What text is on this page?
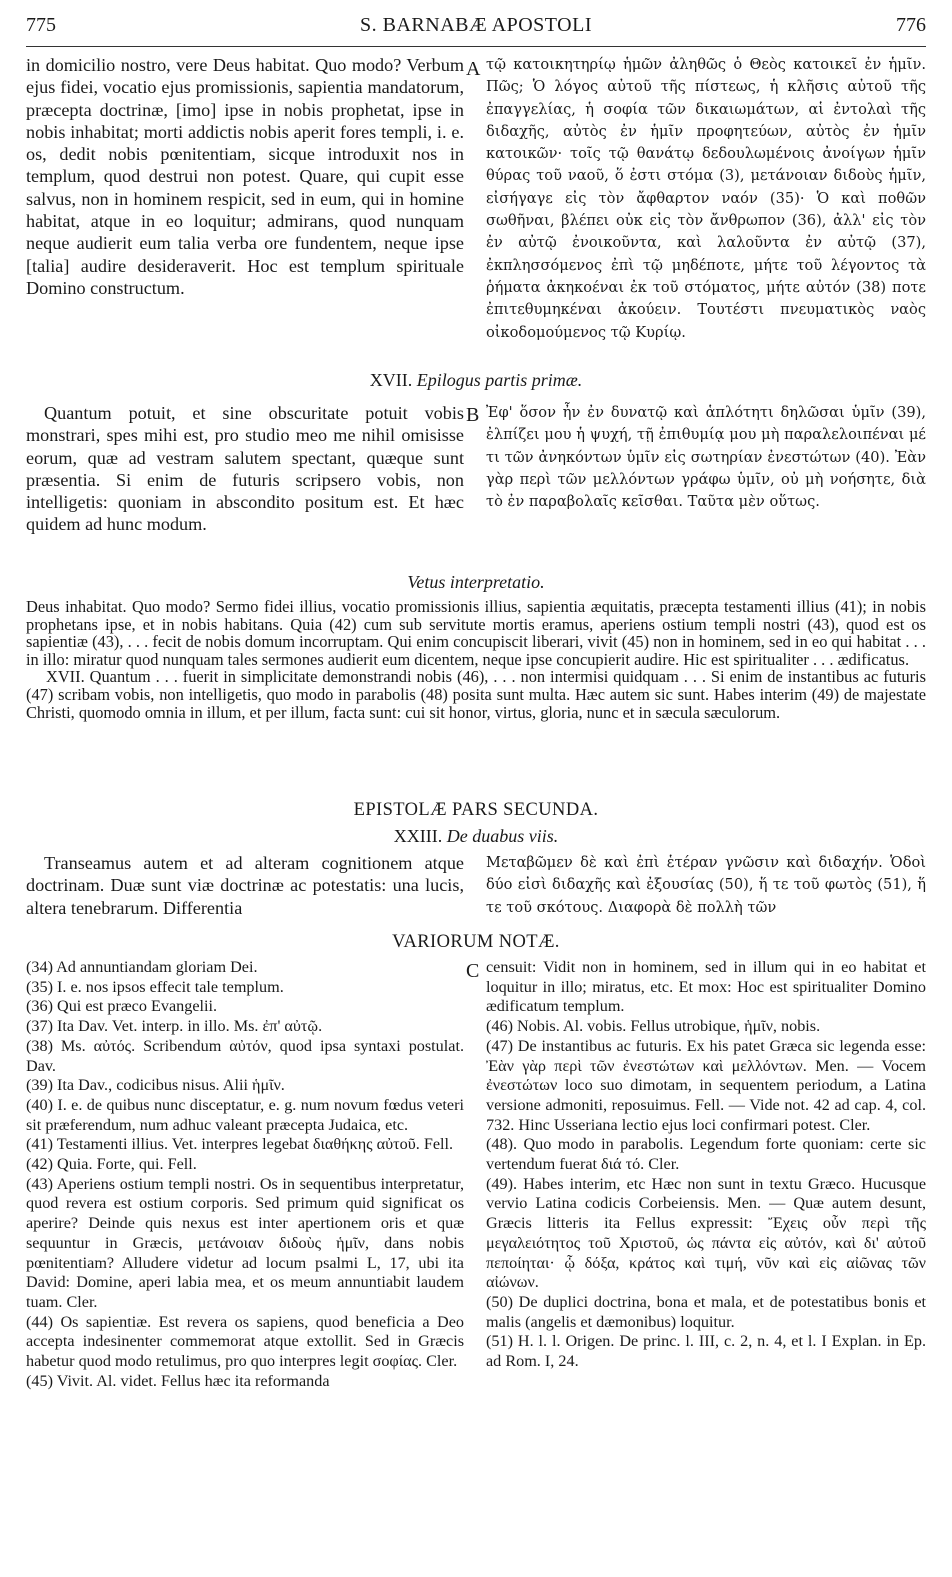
775	S. BARNABÆ APOSTOLI	776

in domicilio nostro, vere Deus habitat. Quo modo? Verbum ejus fidei, vocatio ejus promissionis, sapientia mandatorum, præcepta doctrinæ, [imo] ipse in nobis prophetat, ipse in nobis inhabitat; morti addictis nobis aperit fores templi, i. e. os, dedit nobis pœnitentiam, sicque introduxit nos in templum, quod destrui non potest. Quare, qui cupit esse salvus, non in hominem respicit, sed in eum, qui in homine habitat, atque in eo loquitur; admirans, quod nunquam neque audierit eum talia verba ore fundentem, neque ipse [talia] audire desideraverit. Hoc est templum spirituale Domino constructum.

A τῷ κατοικητηρίῳ ἡμῶν ἀληθῶς ὁ Θεὸς κατοικεῖ ἐν ἡμῖν. Πῶς; Ὁ λόγος αὐτοῦ τῆς πίστεως, ἡ κλῆσις αὐτοῦ τῆς ἐπαγγελίας, ἡ σοφία τῶν δικαιωμάτων, αἱ ἐντολαὶ τῆς διδαχῆς, αὐτὸς ἐν ἡμῖν προφητεύων, αὐτὸς ἐν ἡμῖν κατοικῶν· τοῖς τῷ θανάτῳ δεδουλωμένοις ἀνοίγων ἡμῖν θύρας τοῦ ναοῦ, ὅ ἐστι στόμα (3), μετάνοιαν διδοὺς ἡμῖν, εἰσήγαγε εἰς τὸν ἄφθαρτον ναόν (35)· Ὁ καὶ ποθῶν σωθῆναι, βλέπει οὐκ εἰς τὸν ἄνθρωπον (36), ἀλλ' εἰς τὸν ἐν αὐτῷ ἐνοικοῦντα, καὶ λαλοῦντα ἐν αὐτῷ (37), ἐκπλησσόμενος ἐπὶ τῷ μηδέποτε, μήτε τοῦ λέγοντος τὰ ῥήματα ἀκηκοέναι ἐκ τοῦ στόματος, μήτε αὐτόν (38) ποτε ἐπιτεθυμηκέναι ἀκούειν. Τουτέστι πνευματικὸς ναὸς οἰκοδομούμενος τῷ Κυρίῳ.

XVII. Epilogus partis primæ.

Quantum potuit, et sine obscuritate potuit vobis monstrari, spes mihi est, pro studio meo me nihil omisisse eorum, quæ ad vestram salutem spectant, quæque sunt præsentia. Si enim de futuris scripsero vobis, non intelligetis: quoniam in abscondito positum est. Et hæc quidem ad hunc modum.

B Ἐφ' ὅσον ἦν ἐν δυνατῷ καὶ ἁπλότητι δηλῶσαι ὑμῖν (39), ἐλπίζει μου ἡ ψυχή, τῇ ἐπιθυμίᾳ μου μὴ παραλελοιπέναι μέ τι τῶν ἀνηκόντων ὑμῖν εἰς σωτηρίαν ἐνεστώτων (40). Ἐὰν γὰρ περὶ τῶν μελλόντων γράφω ὑμῖν, οὐ μὴ νοήσητε, διὰ τὸ ἐν παραβολαῖς κεῖσθαι. Ταῦτα μὲν οὕτως.

Vetus interpretatio.

Deus inhabitat. Quo modo? Sermo fidei illius, vocatio promissionis illius, sapientia æquitatis, præcepta testamenti illius (41); in nobis prophetans ipse, et in nobis habitans. Quia (42) cum sub servitute mortis eramus, aperiens ostium templi nostri (43), quod est os sapientiæ (43), . . . fecit de nobis domum incorruptam. Qui enim concupiscit liberari, vivit (45) non in hominem, sed in eo qui habitat . . . in illo: miratur quod nunquam tales sermones audierit eum dicentem, neque ipse concupierit audire. Hic est spiritualiter . . . ædificatus.

XVII. Quantum . . . fuerit in simplicitate demonstrandi nobis (46), . . . non intermisi quidquam . . . Si enim de instantibus ac futuris (47) scribam vobis, non intelligetis, quo modo in parabolis (48) posita sunt multa. Hæc autem sic sunt. Habes interim (49) de majestate Christi, quomodo omnia in illum, et per illum, facta sunt: cui sit honor, virtus, gloria, nunc et in sæcula sæculorum.

EPISTOLÆ PARS SECUNDA.
XXIII. De duabus viis.

Transeamus autem et ad alteram cognitionem atque doctrinam. Duæ sunt viæ doctrinæ ac potestatis: una lucis, altera tenebrarum. Differentia

Μεταβῶμεν δὲ καὶ ἐπὶ ἑτέραν γνῶσιν καὶ διδαχήν. Ὁδοὶ δύο εἰσὶ διδαχῆς καὶ ἐξουσίας (50), ἥ τε τοῦ φωτὸς (51), ἥ τε τοῦ σκότους. Διαφορὰ δὲ πολλὴ τῶν

VARIORUM NOTÆ.

(34) Ad annuntiandam gloriam Dei.

(35) I. e. nos ipsos effecit tale templum.

(36) Qui est præco Evangelii.

(37) Ita Dav. Vet. interp. in illo. Ms. ἐπ' αὐτῷ.

(38) Ms. αὐτός. Scribendum αὐτόν, quod ipsa syntaxi postulat. Dav.

(39) Ita Dav., codicibus nisus. Alii ἡμῖν.

(40) I. e. de quibus nunc disceptatur, e. g. num novum fœdus veteri sit præferendum, num adhuc valeant præcepta Judaica, etc.

(41) Testamenti illius. Vet. interpres legebat διαθήκης αὐτοῦ. Fell.

(42) Quia. Forte, qui. Fell.

(43) Aperiens ostium templi nostri. Os in sequentibus interpretatur, quod revera est ostium corporis. Sed primum quid significat os aperire? Deinde quis nexus est inter apertionem oris et quæ sequuntur in Græcis, μετάνοιαν διδοὺς ἡμῖν, dans nobis pœnitentiam? Alludere videtur ad locum psalmi L, 17, ubi ita David: Domine, aperi labia mea, et os meum annuntiabit laudem tuam. Cler.

(44) Os sapientiæ. Est revera os sapiens, quod beneficia a Deo accepta indesinenter commemorat atque extollit. Sed in Græcis habetur quod modo retulimus, pro quo interpres legit σοφίας. Cler.

(45) Vivit. Al. videt. Fellus hæc ita reformanda

C censuit: Vidit non in hominem, sed in illum qui in eo habitat et loquitur in illo; miratus, etc. Et mox: Hoc est spiritualiter Domino ædificatum templum.

(46) Nobis. Al. vobis. Fellus utrobique, ἡμῖν, nobis.

(47) De instantibus ac futuris. Ex his patet Græca sic legenda esse: Ἐὰν γὰρ περὶ τῶν ἐνεστώτων καὶ μελλόντων. Men. — Vocem ἐνεστώτων loco suo dimotam, in sequentem periodum, a Latina versione admoniti, reposuimus. Fell. — Vide not. 42 ad cap. 4, col. 732. Hinc Usseriana lectio ejus loci confirmari potest. Cler.

(48). Quo modo in parabolis. Legendum forte quoniam: certe sic vertendum fuerat διά τό. Cler.

(49). Habes interim, etc Hæc non sunt in textu Græco. Hucusque vervio Latina codicis Corbeiensis. Men. — Quæ autem desunt, Græcis litteris ita Fellus expressit: Ἔχεις οὖν περὶ τῆς μεγαλειότητος τοῦ Χριστοῦ, ὡς πάντα εἰς αὐτόν, καὶ δι' αὐτοῦ πεποίηται· ᾧ δόξα, κράτος καὶ τιμή, νῦν καὶ εἰς αἰῶνας τῶν αἰώνων.

(50) De duplici doctrina, bona et mala, et de potestatibus bonis et malis (angelis et dæmonibus) loquitur.

(51) H. l. l. Origen. De princ. l. III, c. 2, n. 4, et l. I Explan. in Ep. ad Rom. I, 24.
